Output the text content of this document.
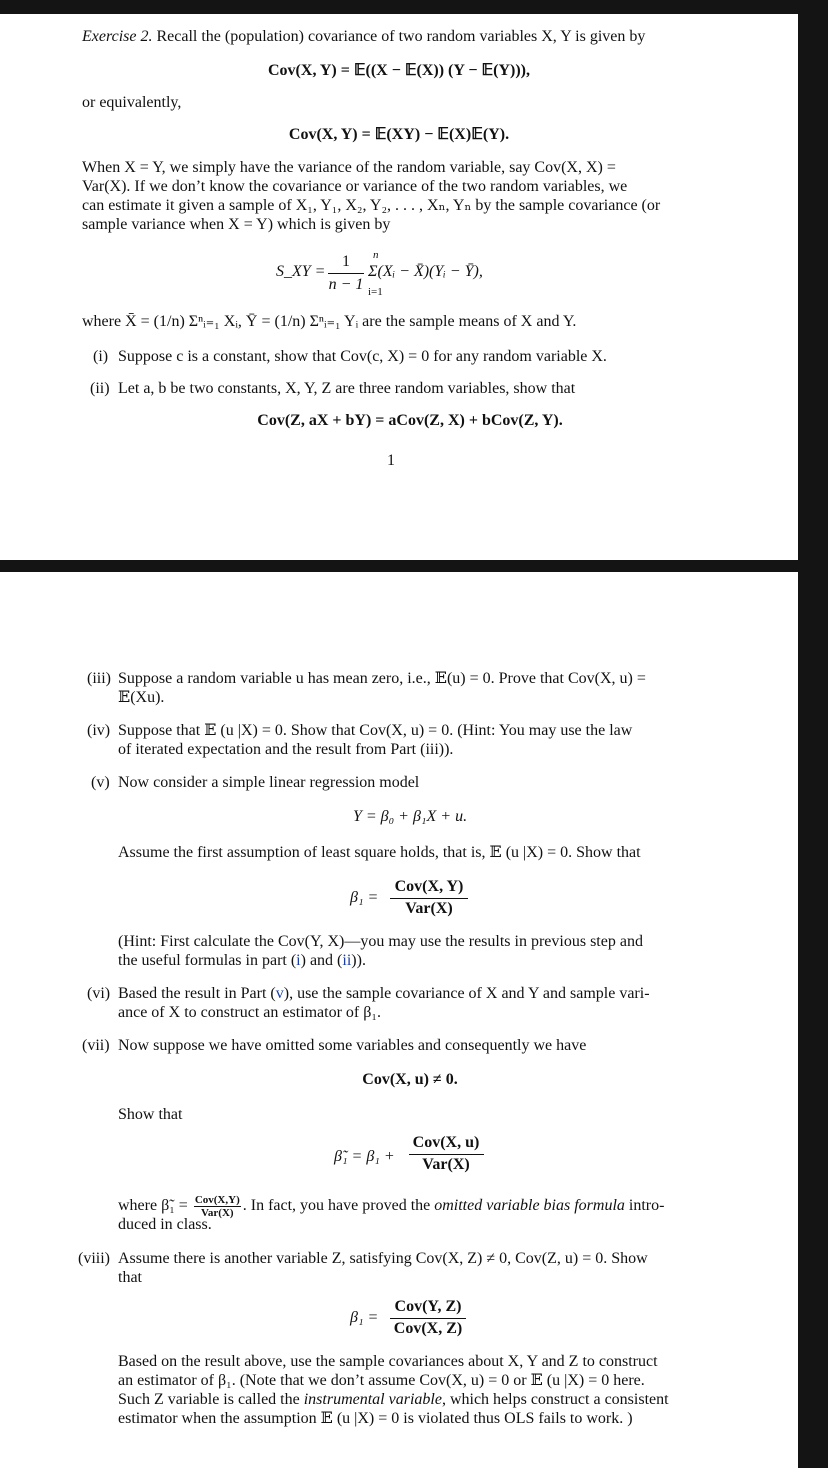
Exercise 2. Recall the (population) covariance of two random variables X, Y is given by
Cov(X, Y) = 𝔼((X − 𝔼(X)) (Y − 𝔼(Y))),
or equivalently,
Cov(X, Y) = 𝔼(XY) − 𝔼(X)𝔼(Y).
When X = Y, we simply have the variance of the random variable, say Cov(X, X) =
Var(X). If we don’t know the covariance or variance of the two random variables, we
can estimate it given a sample of X₁, Y₁, X₂, Y₂, . . . , Xₙ, Yₙ by the sample covariance (or
sample variance when X = Y) which is given by
S_XY =
1
n − 1
n
i=1
Σ(Xᵢ − X̄)(Yᵢ − Ȳ),
where X̄ = (1/n) Σⁿᵢ₌₁ Xᵢ, Ȳ = (1/n) Σⁿᵢ₌₁ Yᵢ are the sample means of X and Y.
(i) Suppose c is a constant, show that Cov(c, X) = 0 for any random variable X.
(ii) Let a, b be two constants, X, Y, Z are three random variables, show that
Cov(Z, aX + bY) = aCov(Z, X) + bCov(Z, Y).
1
(iii) Suppose a random variable u has mean zero, i.e., 𝔼(u) = 0. Prove that Cov(X, u) =
𝔼(Xu).
(iv) Suppose that 𝔼 (u |X) = 0. Show that Cov(X, u) = 0. (Hint: You may use the law
of iterated expectation and the result from Part (iii)).
(v) Now consider a simple linear regression model
Y = β₀ + β₁X + u.
Assume the first assumption of least square holds, that is, 𝔼 (u |X) = 0. Show that
β₁ =
Cov(X, Y)
Var(X)
(Hint: First calculate the Cov(Y, X)—you may use the results in previous step and
the useful formulas in part (i) and (ii)).
(vi) Based the result in Part (v), use the sample covariance of X and Y and sample vari-
ance of X to construct an estimator of β₁.
(vii) Now suppose we have omitted some variables and consequently we have
Cov(X, u) ≠ 0.
Show that
β̃₁ = β₁ +
Cov(X, u)
Var(X)
where β̃₁ = Cov(X,Y)
Var(X) . In fact, you have proved the omitted variable bias formula intro-
duced in class.
(viii) Assume there is another variable Z, satisfying Cov(X, Z) ≠ 0, Cov(Z, u) = 0. Show
that
β₁ =
Cov(Y, Z)
Cov(X, Z)
Based on the result above, use the sample covariances about X, Y and Z to construct
an estimator of β₁. (Note that we don’t assume Cov(X, u) = 0 or 𝔼 (u |X) = 0 here.
Such Z variable is called the instrumental variable, which helps construct a consistent
estimator when the assumption 𝔼 (u |X) = 0 is violated thus OLS fails to work. )
